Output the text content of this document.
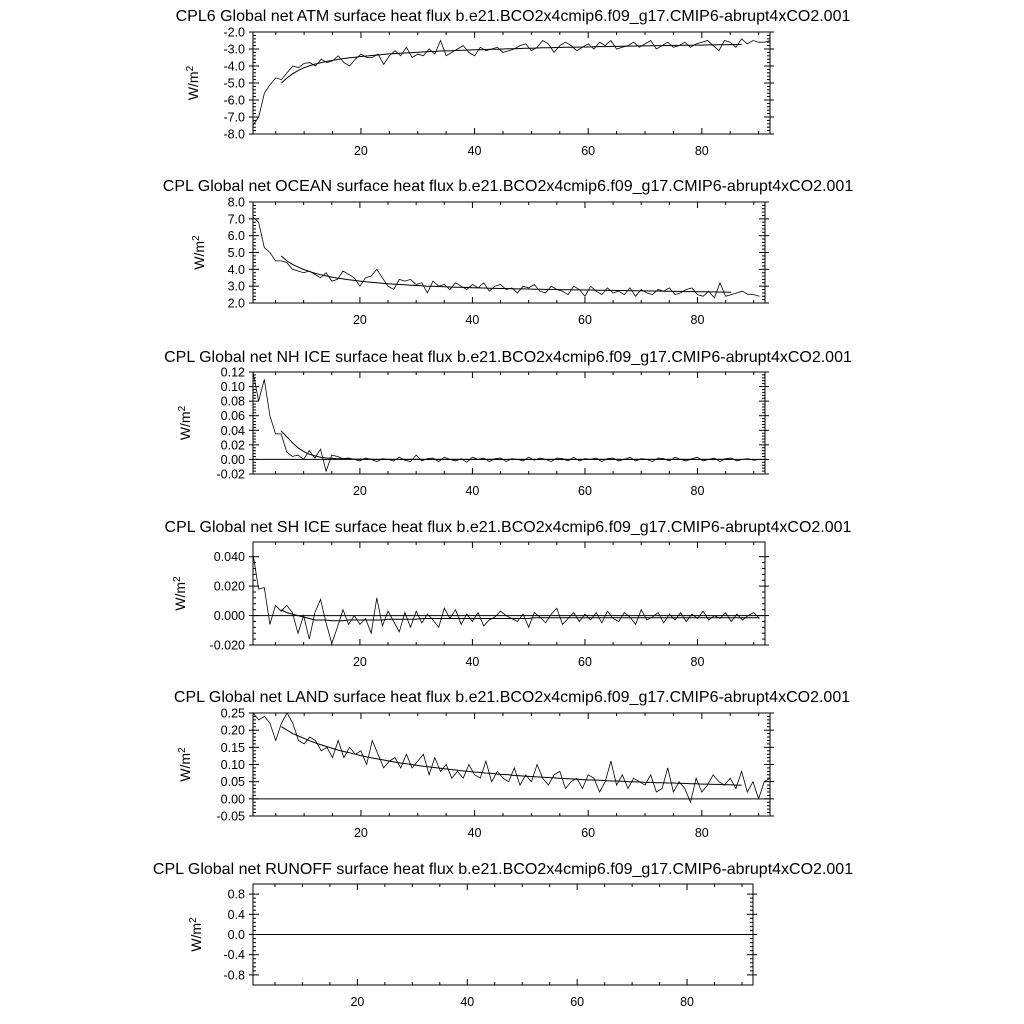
CPL6 Global net ATM surface heat flux b.e21.BCO2x4cmip6.f09_g17.CMIP6-abrupt4xCO2.001
20	40	60	80
-2.0
-3.0
-4.0
-5.0
-6.0
-7.0
-8.0
$W/m^2$
CPL Global net OCEAN surface heat flux b.e21.BCO2x4cmip6.f09_g17.CMIP6-abrupt4xCO2.001
20	40	60	80
8.0
7.0
6.0
5.0
4.0
3.0
2.0
$W/m^2$
CPL Global net NH ICE surface heat flux b.e21.BCO2x4cmip6.f09_g17.CMIP6-abrupt4xCO2.001
20	40	60	80
0.12
0.10
0.08
0.06
0.04
0.02
0.00
-0.02
$W/m^2$
CPL Global net SH ICE surface heat flux b.e21.BCO2x4cmip6.f09_g17.CMIP6-abrupt4xCO2.001
20	40	60	80
0.040
0.020
0.000
-0.020
$W/m^2$
CPL Global net LAND surface heat flux b.e21.BCO2x4cmip6.f09_g17.CMIP6-abrupt4xCO2.001
20	40	60	80
0.25
0.20
0.15
0.10
0.05
0.00
-0.05
$W/m^2$
CPL Global net RUNOFF surface heat flux b.e21.BCO2x4cmip6.f09_g17.CMIP6-abrupt4xCO2.001
20	40	60	80
0.8
0.4
0.0
-0.4
-0.8
$W/m^2$
